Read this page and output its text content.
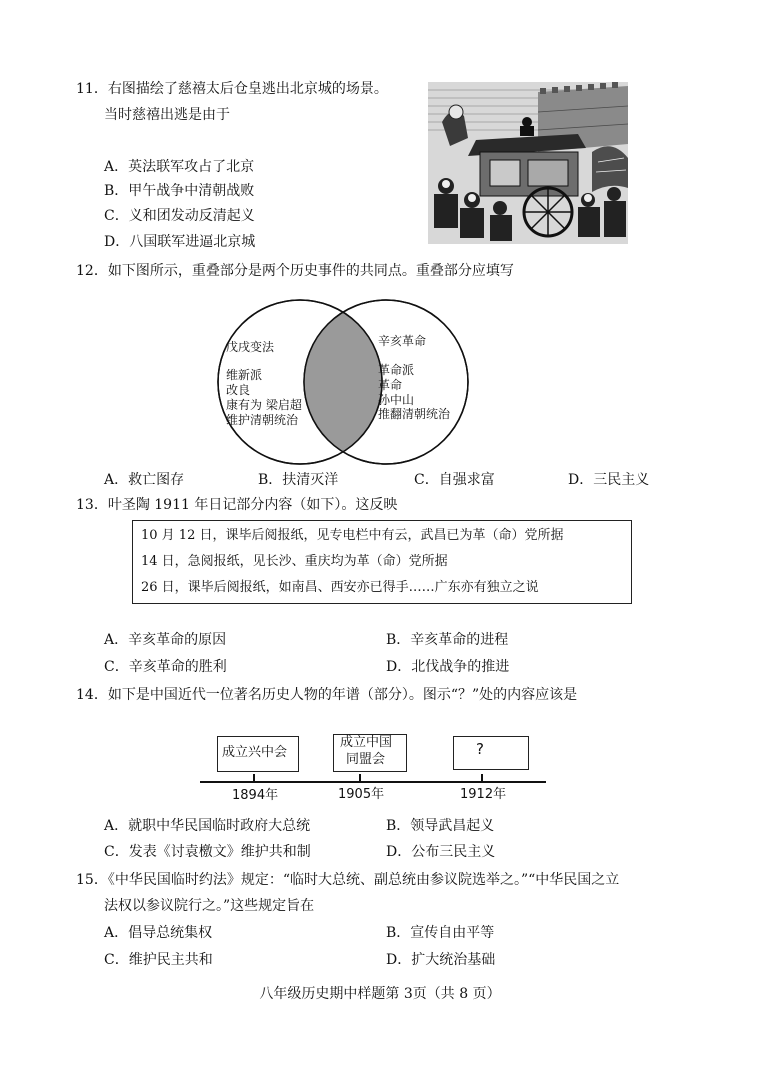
11．右图描绘了慈禧太后仓皇逃出北京城的场景。
当时慈禧出逃是由于
A．英法联军攻占了北京
B．甲午战争中清朝战败
C．义和团发动反清起义
D．八国联军进逼北京城
12．如下图所示，重叠部分是两个历史事件的共同点。重叠部分应填写
戊戌变法
维新派
改良
康有为 梁启超
维护清朝统治
辛亥革命
革命派
革命
孙中山
推翻清朝统治
A．救亡图存	B．扶清灭洋	C．自强求富	D．三民主义
13．叶圣陶 1911 年日记部分内容（如下）。这反映
10 月 12 日，课毕后阅报纸，见专电栏中有云，武昌已为革（命）党所据
14 日，急阅报纸，见长沙、重庆均为革（命）党所据
26 日，课毕后阅报纸，如南昌、西安亦已得手……广东亦有独立之说
A．辛亥革命的原因	B．辛亥革命的进程
C．辛亥革命的胜利	D．北伐战争的推进
14．如下是中国近代一位著名历史人物的年谱（部分）。图示“？”处的内容应该是
成立兴中会
成立中国
同盟会
?
1894年	1905年	1912年
A．就职中华民国临时政府大总统	B．领导武昌起义
C．发表《讨袁檄文》维护共和制	D．公布三民主义
15．《中华民国临时约法》规定：“临时大总统、副总统由参议院选举之。”“中华民国之立
法权以参议院行之。”这些规定旨在
A．倡导总统集权	B．宣传自由平等
C．维护民主共和	D．扩大统治基础
八年级历史期中样题第 3页（共 8 页）
